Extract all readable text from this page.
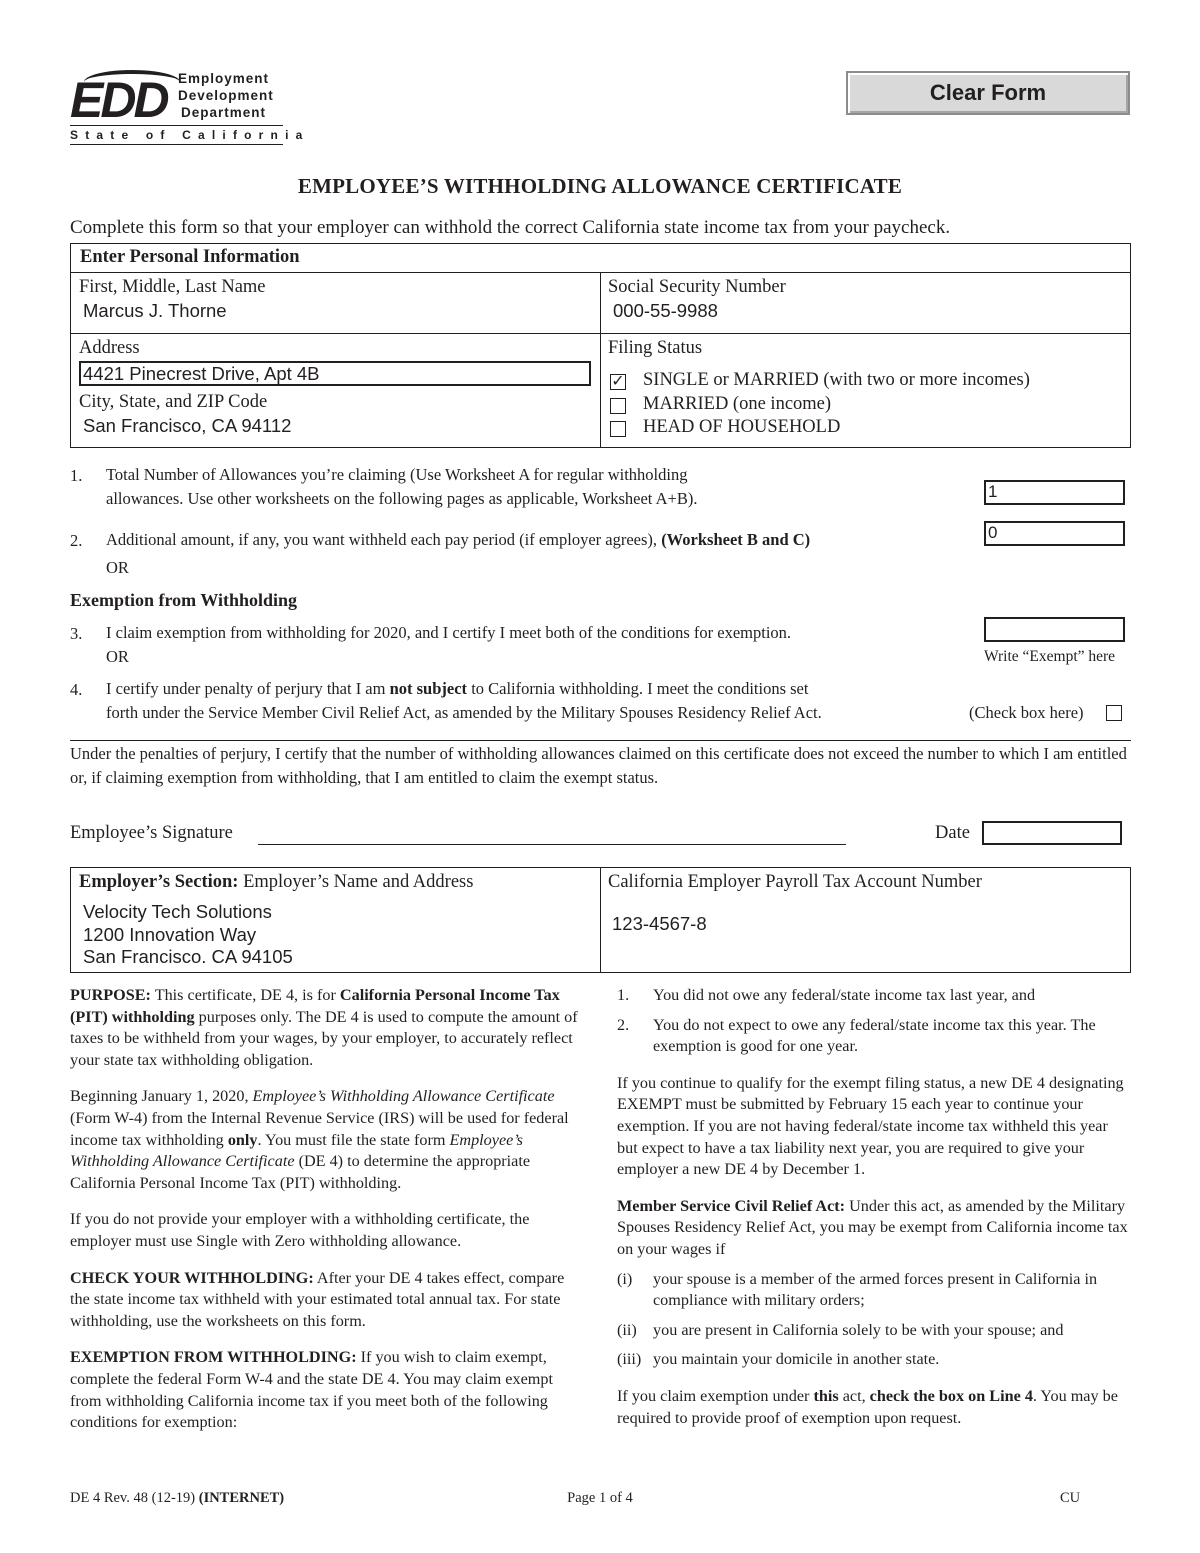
EDD Employment
Development
Department
State of California
Clear Form
EMPLOYEE’S WITHHOLDING ALLOWANCE CERTIFICATE
Complete this form so that your employer can withhold the correct California state income tax from your paycheck.
Enter Personal Information
First, Middle, Last Name
Marcus J. Thorne
Social Security Number
000-55-9988
Address
4421 Pinecrest Drive, Apt 4B
City, State, and ZIP Code
San Francisco, CA 94112
Filing Status
✓ SINGLE or MARRIED (with two or more incomes)
MARRIED (one income)
HEAD OF HOUSEHOLD
1. Total Number of Allowances you’re claiming (Use Worksheet A for regular withholding
allowances. Use other worksheets on the following pages as applicable, Worksheet A+B).	1
2. Additional amount, if any, you want withheld each pay period (if employer agrees), (Worksheet B and C)	0
OR
Exemption from Withholding
3. I claim exemption from withholding for 2020, and I certify I meet both of the conditions for exemption.
OR	Write “Exempt” here
4. I certify under penalty of perjury that I am not subject to California withholding. I meet the conditions set
forth under the Service Member Civil Relief Act, as amended by the Military Spouses Residency Relief Act.	(Check box here)
Under the penalties of perjury, I certify that the number of withholding allowances claimed on this certificate does not exceed the number to which I am entitled or, if claiming exemption from withholding, that I am entitled to claim the exempt status.
Employee’s Signature	Date
Employer’s Section: Employer’s Name and Address
Velocity Tech Solutions
1200 Innovation Way
San Francisco. CA 94105
California Employer Payroll Tax Account Number
123-4567-8

PURPOSE: This certificate, DE 4, is for California Personal Income Tax (PIT) withholding purposes only. The DE 4 is used to compute the amount of taxes to be withheld from your wages, by your employer, to accurately reflect your state tax withholding obligation.

Beginning January 1, 2020, Employee’s Withholding Allowance Certificate (Form W-4) from the Internal Revenue Service (IRS) will be used for federal income tax withholding only. You must file the state form Employee’s Withholding Allowance Certificate (DE 4) to determine the appropriate California Personal Income Tax (PIT) withholding.

If you do not provide your employer with a withholding certificate, the employer must use Single with Zero withholding allowance.

CHECK YOUR WITHHOLDING: After your DE 4 takes effect, compare the state income tax withheld with your estimated total annual tax. For state withholding, use the worksheets on this form.

EXEMPTION FROM WITHHOLDING: If you wish to claim exempt, complete the federal Form W-4 and the state DE 4. You may claim exempt from withholding California income tax if you meet both of the following conditions for exemption:

1.	You did not owe any federal/state income tax last year, and
2.	You do not expect to owe any federal/state income tax this year. The exemption is good for one year.

If you continue to qualify for the exempt filing status, a new DE 4 designating EXEMPT must be submitted by February 15 each year to continue your exemption. If you are not having federal/state income tax withheld this year but expect to have a tax liability next year, you are required to give your employer a new DE 4 by December 1.

Member Service Civil Relief Act: Under this act, as amended by the Military Spouses Residency Relief Act, you may be exempt from California income tax on your wages if

(i)	your spouse is a member of the armed forces present in California in compliance with military orders;
(ii)	you are present in California solely to be with your spouse; and
(iii) you maintain your domicile in another state.

If you claim exemption under this act, check the box on Line 4. You may be required to provide proof of exemption upon request.

DE 4 Rev. 48 (12-19) (INTERNET)	Page 1 of 4	CU
